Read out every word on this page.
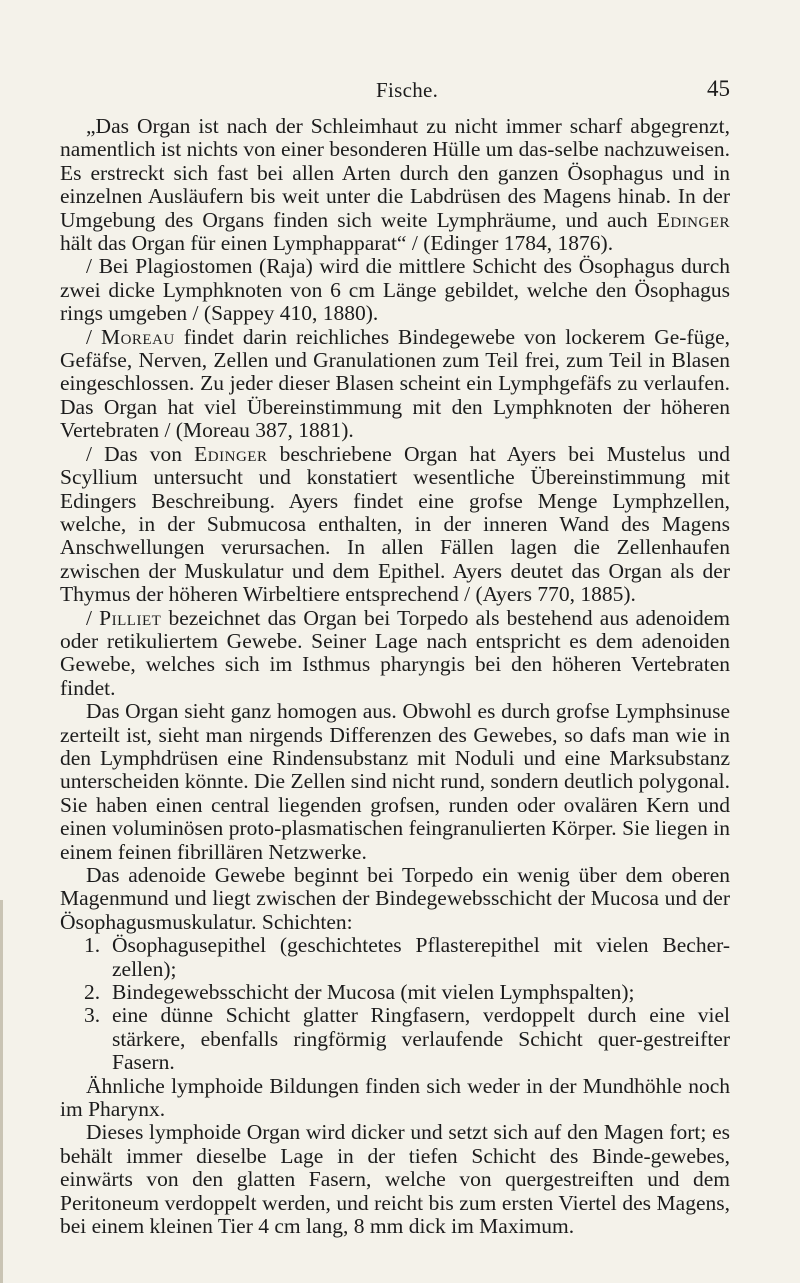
Fische.	45

„Das Organ ist nach der Schleimhaut zu nicht immer scharf abgegrenzt, namentlich ist nichts von einer besonderen Hülle um das-selbe nachzuweisen. Es erstreckt sich fast bei allen Arten durch den ganzen Ösophagus und in einzelnen Ausläufern bis weit unter die Labdrüsen des Magens hinab. In der Umgebung des Organs finden sich weite Lymphräume, und auch Edinger hält das Organ für einen Lymphapparat“ / (Edinger 1784, 1876).

/ Bei Plagiostomen (Raja) wird die mittlere Schicht des Ösophagus durch zwei dicke Lymphknoten von 6 cm Länge gebildet, welche den Ösophagus rings umgeben / (Sappey 410, 1880).

/ Moreau findet darin reichliches Bindegewebe von lockerem Ge-füge, Gefäfse, Nerven, Zellen und Granulationen zum Teil frei, zum Teil in Blasen eingeschlossen. Zu jeder dieser Blasen scheint ein Lymphgefäfs zu verlaufen. Das Organ hat viel Übereinstimmung mit den Lymphknoten der höheren Vertebraten / (Moreau 387, 1881).

/ Das von Edinger beschriebene Organ hat Ayers bei Mustelus und Scyllium untersucht und konstatiert wesentliche Übereinstimmung mit Edingers Beschreibung. Ayers findet eine grofse Menge Lymphzellen, welche, in der Submucosa enthalten, in der inneren Wand des Magens Anschwellungen verursachen. In allen Fällen lagen die Zellenhaufen zwischen der Muskulatur und dem Epithel. Ayers deutet das Organ als der Thymus der höheren Wirbeltiere entsprechend / (Ayers 770, 1885).

/ Pilliet bezeichnet das Organ bei Torpedo als bestehend aus adenoidem oder retikuliertem Gewebe. Seiner Lage nach entspricht es dem adenoiden Gewebe, welches sich im Isthmus pharyngis bei den höheren Vertebraten findet.

Das Organ sieht ganz homogen aus. Obwohl es durch grofse Lymphsinuse zerteilt ist, sieht man nirgends Differenzen des Gewebes, so dafs man wie in den Lymphdrüsen eine Rindensubstanz mit Noduli und eine Marksubstanz unterscheiden könnte. Die Zellen sind nicht rund, sondern deutlich polygonal. Sie haben einen central liegenden grofsen, runden oder ovalären Kern und einen voluminösen proto-plasmatischen feingranulierten Körper. Sie liegen in einem feinen fibrillären Netzwerke.

Das adenoide Gewebe beginnt bei Torpedo ein wenig über dem oberen Magenmund und liegt zwischen der Bindegewebsschicht der Mucosa und der Ösophagusmuskulatur. Schichten:

1. Ösophagusepithel (geschichtetes Pflasterepithel mit vielen Becher-zellen);
2. Bindegewebsschicht der Mucosa (mit vielen Lymphspalten);
3. eine dünne Schicht glatter Ringfasern, verdoppelt durch eine viel stärkere, ebenfalls ringförmig verlaufende Schicht quer-gestreifter Fasern.

Ähnliche lymphoide Bildungen finden sich weder in der Mundhöhle noch im Pharynx.

Dieses lymphoide Organ wird dicker und setzt sich auf den Magen fort; es behält immer dieselbe Lage in der tiefen Schicht des Binde-gewebes, einwärts von den glatten Fasern, welche von quergestreiften und dem Peritoneum verdoppelt werden, und reicht bis zum ersten Viertel des Magens, bei einem kleinen Tier 4 cm lang, 8 mm dick im Maximum.
